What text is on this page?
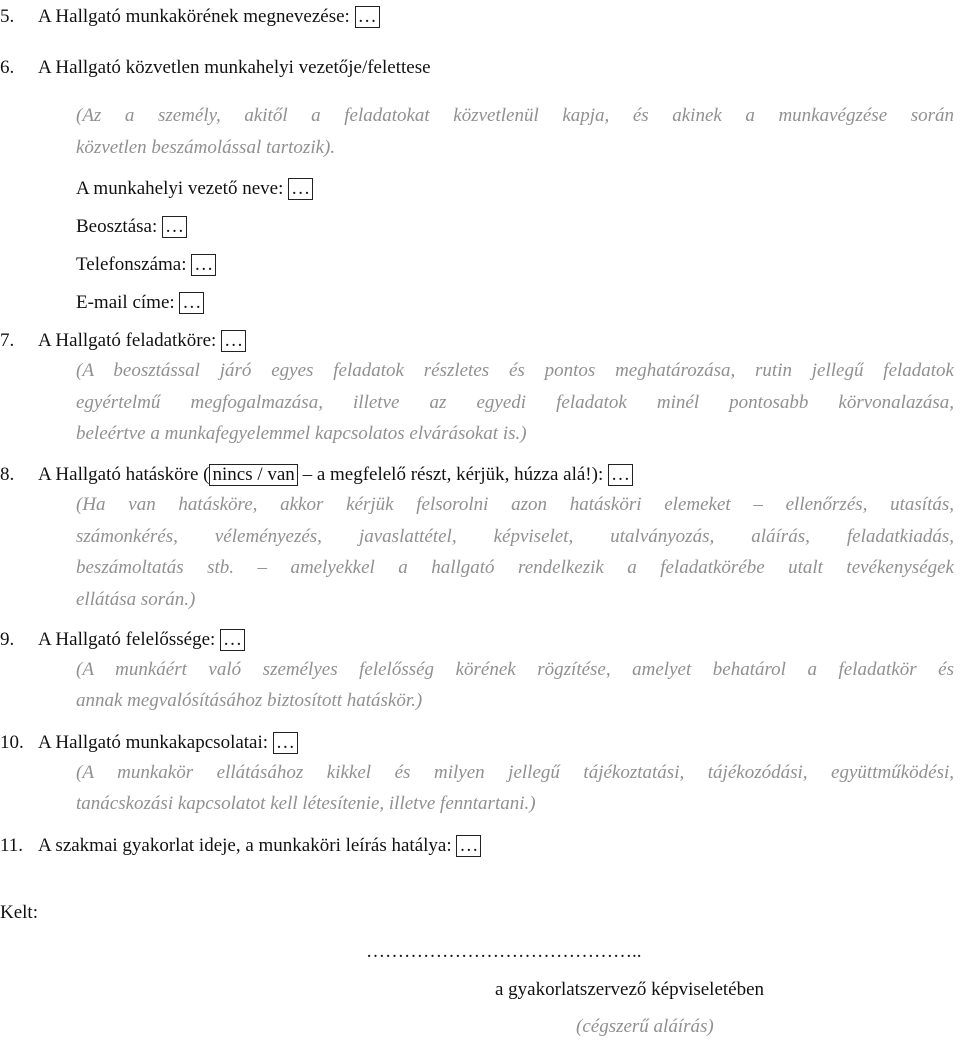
5. A Hallgató munkakörének megnevezése: …
6. A Hallgató közvetlen munkahelyi vezetője/felettese
(Az a személy, akitől a feladatokat közvetlenül kapja, és akinek a munkavégzése során
közvetlen beszámolással tartozik).
A munkahelyi vezető neve: …
Beosztása: …
Telefonszáma: …
E-mail címe: …
7. A Hallgató feladatköre: …
(A beosztással járó egyes feladatok részletes és pontos meghatározása, rutin jellegű feladatok
egyértelmű megfogalmazása, illetve az egyedi feladatok minél pontosabb körvonalazása,
beleértve a munkafegyelemmel kapcsolatos elvárásokat is.)
8. A Hallgató hatásköre ( nincs / van – a megfelelő részt, kérjük, húzza alá!): …
(Ha van hatásköre, akkor kérjük felsorolni azon hatásköri elemeket – ellenőrzés, utasítás,
számonkérés, véleményezés, javaslattétel, képviselet, utalványozás, aláírás, feladatkiadás,
beszámoltatás stb. – amelyekkel a hallgató rendelkezik a feladatkörébe utalt tevékenységek
ellátása során.)
9. A Hallgató felelőssége: …
(A munkáért való személyes felelősség körének rögzítése, amelyet behatárol a feladatkör és
annak megvalósításához biztosított hatáskör.)
10. A Hallgató munkakapcsolatai: …
(A munkakör ellátásához kikkel és milyen jellegű tájékoztatási, tájékozódási, együttműködési,
tanácskozási kapcsolatot kell létesítenie, illetve fenntartani.)
11. A szakmai gyakorlat ideje, a munkaköri leírás hatálya: …
Kelt:
……………………………………..
a gyakorlatszervező képviseletében
(cégszerű aláírás)
